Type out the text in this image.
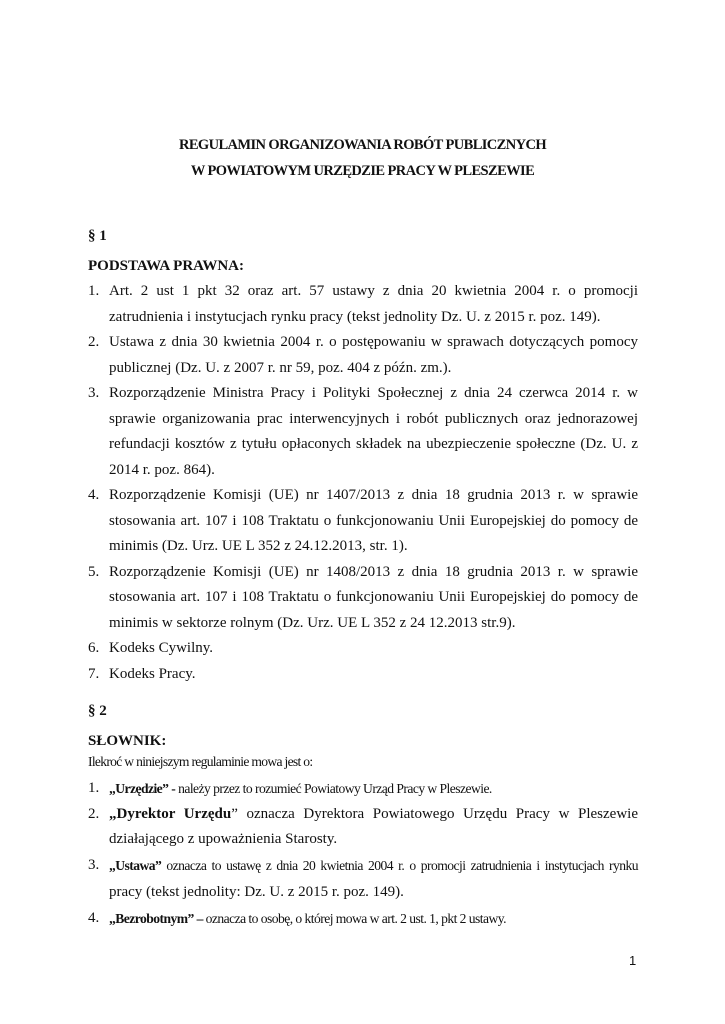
REGULAMIN ORGANIZOWANIA ROBÓT PUBLICZNYCH
W POWIATOWYM URZĘDZIE PRACY W PLESZEWIE
§ 1
PODSTAWA PRAWNA:
1. Art. 2 ust 1 pkt 32 oraz art. 57 ustawy z dnia 20 kwietnia 2004 r. o promocji zatrudnienia i instytucjach rynku pracy (tekst jednolity Dz. U. z 2015 r. poz. 149).
2. Ustawa z dnia 30 kwietnia 2004 r. o postępowaniu w sprawach dotyczących pomocy publicznej (Dz. U. z 2007 r. nr 59, poz. 404 z późn. zm.).
3. Rozporządzenie Ministra Pracy i Polityki Społecznej z dnia 24 czerwca 2014 r. w sprawie organizowania prac interwencyjnych i robót publicznych oraz jednorazowej refundacji kosztów z tytułu opłaconych składek na ubezpieczenie społeczne (Dz. U. z 2014 r. poz. 864).
4. Rozporządzenie Komisji (UE) nr 1407/2013 z dnia 18 grudnia 2013 r. w sprawie stosowania art. 107 i 108 Traktatu o funkcjonowaniu Unii Europejskiej do pomocy de minimis (Dz. Urz. UE L 352 z 24.12.2013, str. 1).
5. Rozporządzenie Komisji (UE) nr 1408/2013 z dnia 18 grudnia 2013 r. w sprawie stosowania art. 107 i 108 Traktatu o funkcjonowaniu Unii Europejskiej do pomocy de minimis w sektorze rolnym (Dz. Urz. UE L 352 z 24 12.2013 str.9).
6. Kodeks Cywilny.
7. Kodeks Pracy.
§ 2
SŁOWNIK:
Ilekroć w niniejszym regulaminie mowa jest o:
1. „Urzędzie” - należy przez to rozumieć Powiatowy Urząd Pracy w Pleszewie.
2. „Dyrektor Urzędu” oznacza Dyrektora Powiatowego Urzędu Pracy w Pleszewie działającego z upoważnienia Starosty.
3. „Ustawa” oznacza to ustawę z dnia 20 kwietnia 2004 r. o promocji zatrudnienia i instytucjach rynku pracy (tekst jednolity: Dz. U. z 2015 r. poz. 149).
4. „Bezrobotnym” – oznacza to osobę, o której mowa w art. 2 ust. 1, pkt 2 ustawy.
1
